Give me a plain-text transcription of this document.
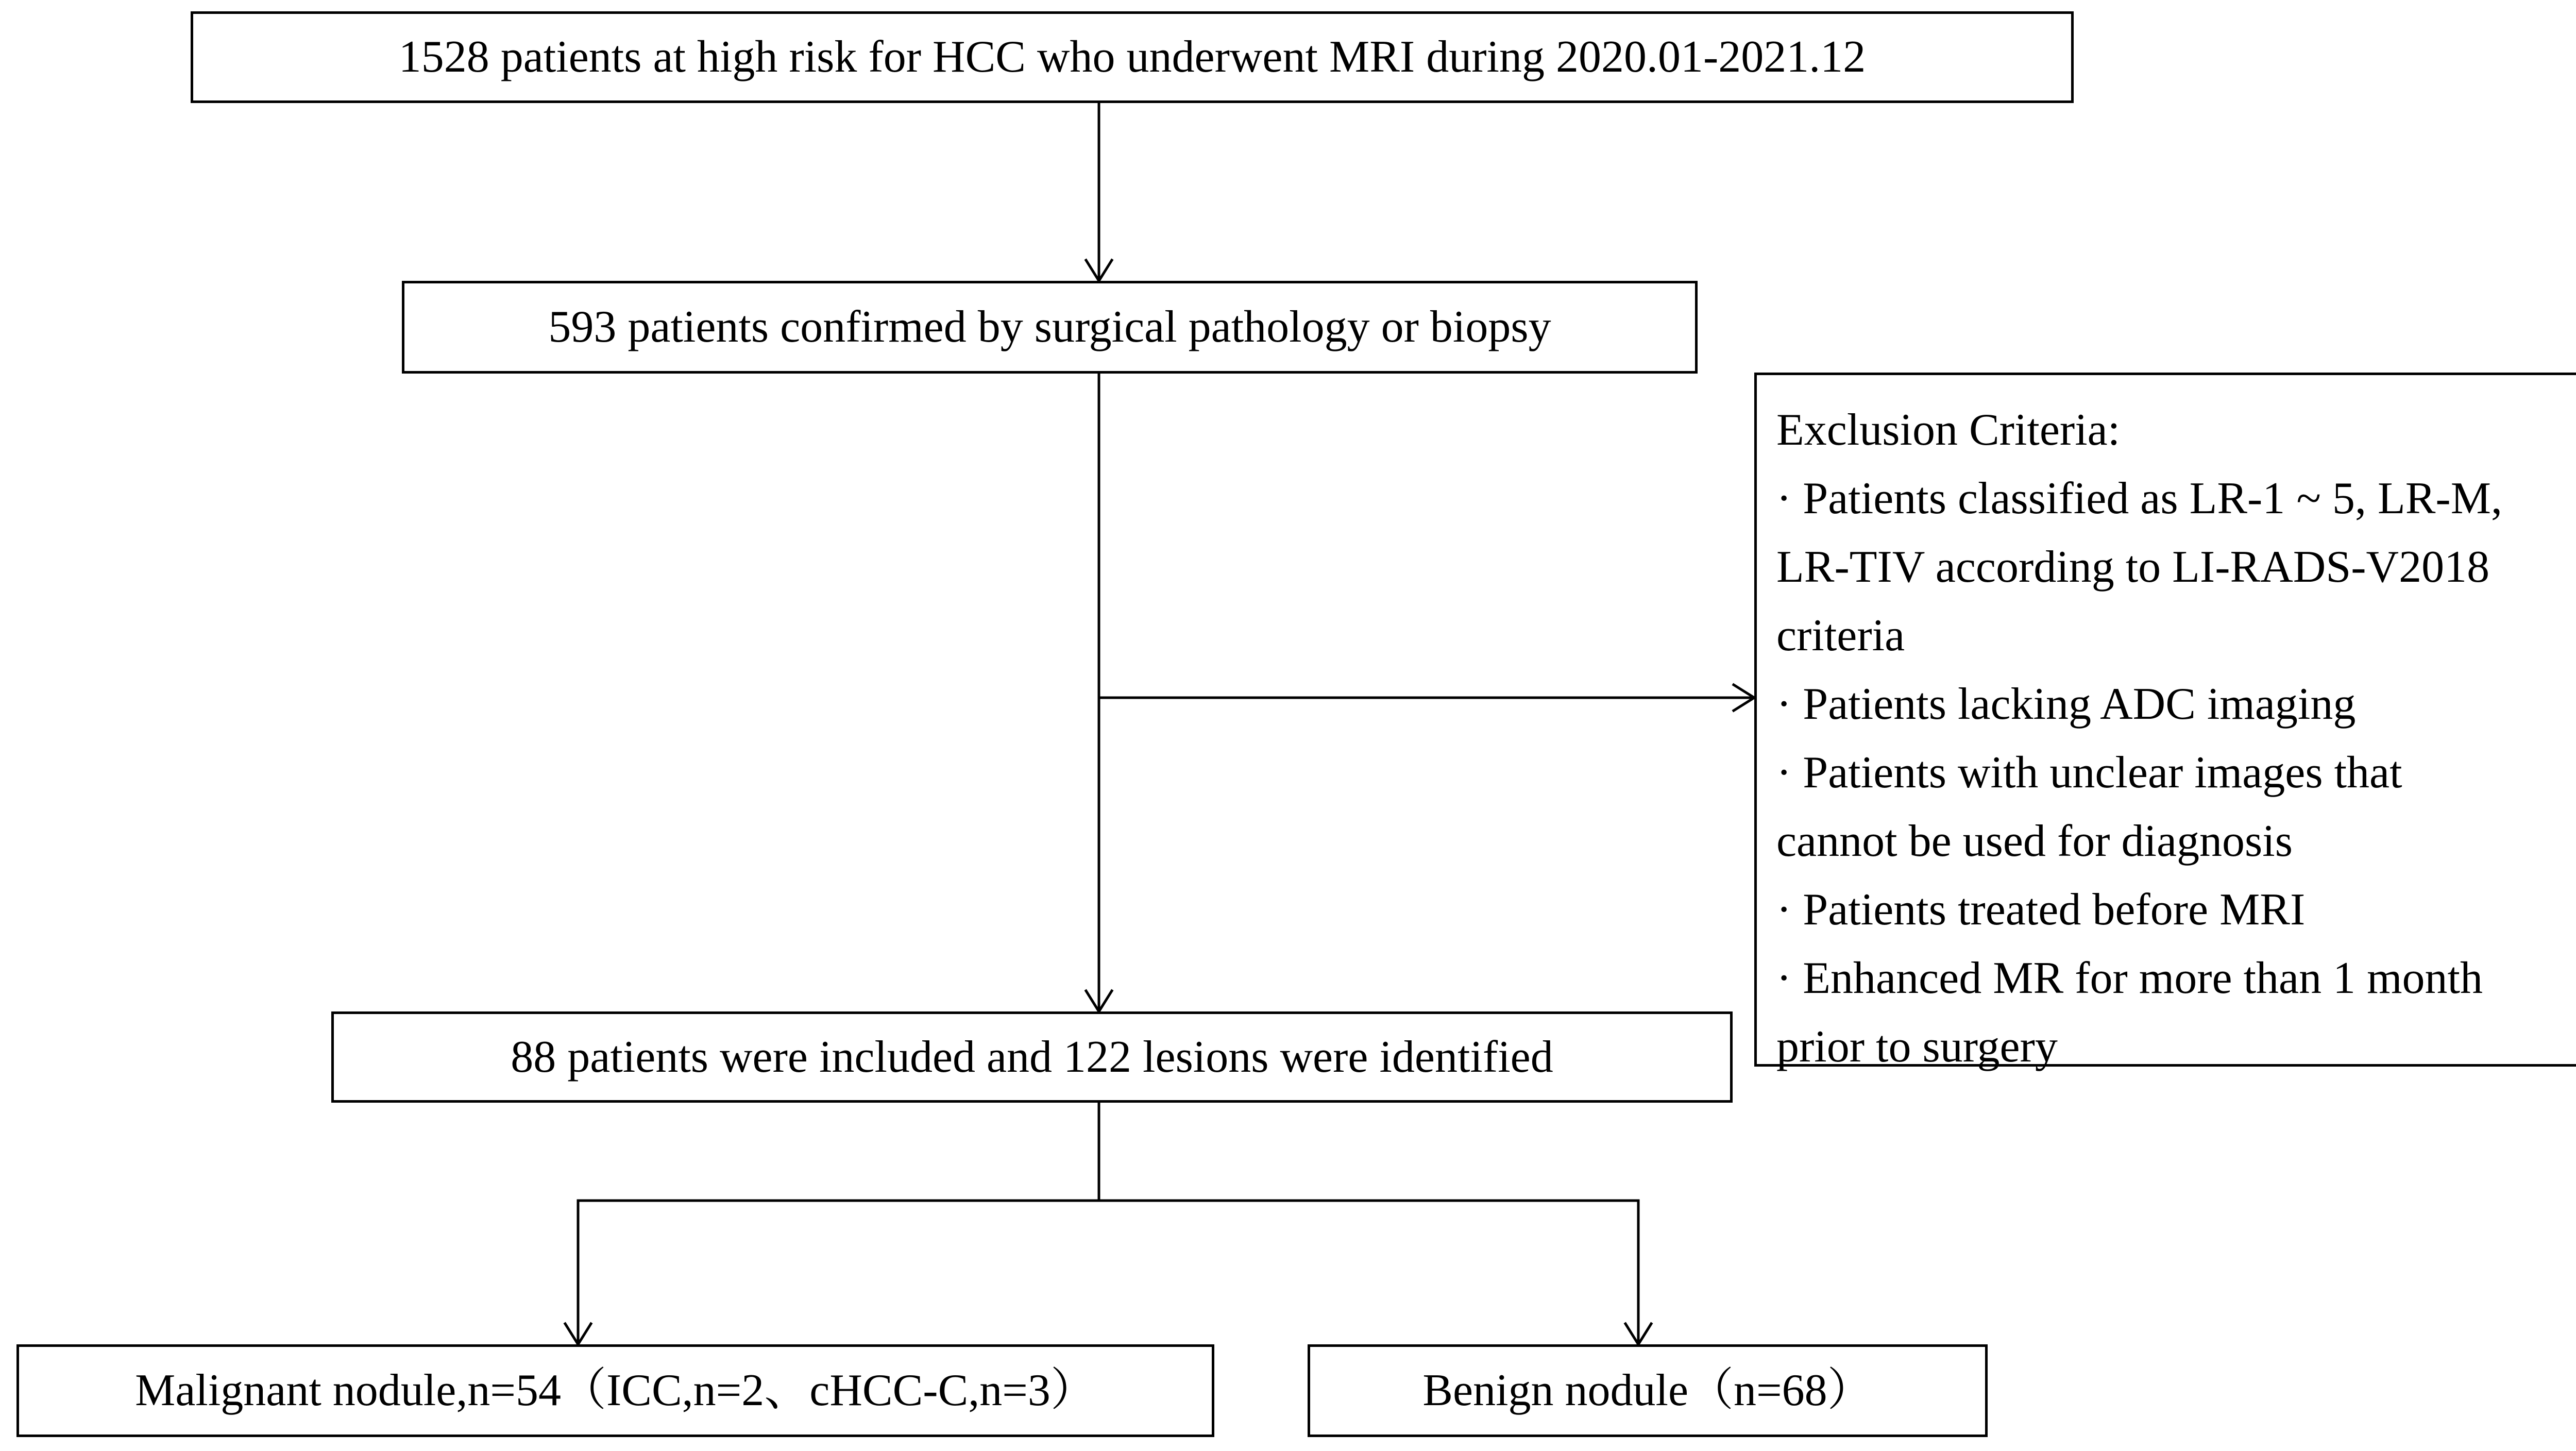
1528 patients at high risk for HCC who underwent MRI during 2020.01-2021.12
593 patients confirmed by surgical pathology or biopsy
Exclusion Criteria:
· Patients classified as LR-1 ~ 5, LR-M,
LR-TIV according to LI-RADS-V2018
criteria
· Patients lacking ADC imaging
· Patients with unclear images that
cannot be used for diagnosis
· Patients treated before MRI
· Enhanced MR for more than 1 month
prior to surgery
88 patients were included and 122 lesions were identified
Malignant nodule,n=54（ICC,n=2、cHCC-C,n=3）	Benign nodule（n=68）
